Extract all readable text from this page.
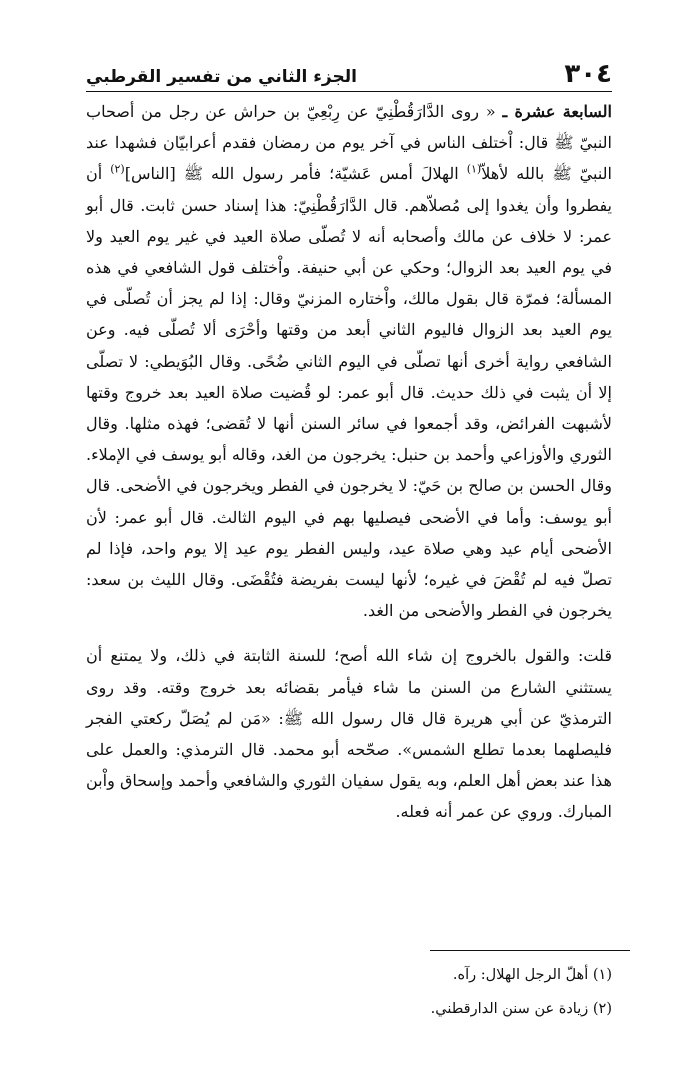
٣٠٤
الجزء الثاني من تفسير القرطبي

السابعة عشرة ـ « روى الدَّارَقُطْنِيّ عن رِبْعِيّ بن حراش عن رجل من أصحاب النبيّ ﷺ قال: اْختلف الناس في آخر يوم من رمضان فقدم أعرابيّان فشهدا عند النبيّ ﷺ بالله لأهلاّ$^{(١)}$ الهلالَ أمس عَشيّة؛ فأمر رسول الله ﷺ [الناس]$^{(٢)}$ أن يفطروا وأن يغدوا إلى مُصلاّهم. قال الدَّارَقُطْنِيّ: هذا إسناد حسن ثابت. قال أبو عمر: لا خلاف عن مالك وأصحابه أنه لا تُصلّى صلاة العيد في غير يوم العيد ولا في يوم العيد بعد الزوال؛ وحكي عن أبي حنيفة. واْختلف قول الشافعي في هذه المسألة؛ فمرّة قال بقول مالك، واْختاره المزنيّ وقال: إذا لم يجز أن تُصلّى في يوم العيد بعد الزوال فاليوم الثاني أبعد من وقتها وأحْرَى ألا تُصلّى فيه. وعن الشافعي رواية أخرى أنها تصلّى في اليوم الثاني ضُحًى. وقال البُوَيطي: لا تصلّى إلا أن يثبت في ذلك حديث. قال أبو عمر: لو قُضيت صلاة العيد بعد خروج وقتها لأشبهت الفرائض، وقد أجمعوا في سائر السنن أنها لا تُقضى؛ فهذه مثلها. وقال الثوري والأوزاعي وأحمد بن حنبل: يخرجون من الغد، وقاله أبو يوسف في الإملاء. وقال الحسن بن صالح بن حَيّ: لا يخرجون في الفطر ويخرجون في الأضحى. قال أبو يوسف: وأما في الأضحى فيصليها بهم في اليوم الثالث. قال أبو عمر: لأن الأضحى أيام عيد وهي صلاة عيد، وليس الفطر يوم عيد إلا يوم واحد، فإذا لم تصلّ فيه لم تُقْضَ في غيره؛ لأنها ليست بفريضة فتُقْضَى. وقال الليث بن سعد: يخرجون في الفطر والأضحى من الغد.

قلت: والقول بالخروج إن شاء الله أصح؛ للسنة الثابتة في ذلك، ولا يمتنع أن يستثني الشارع من السنن ما شاء فيأمر بقضائه بعد خروج وقته. وقد روى الترمذيّ عن أبي هريرة قال قال رسول الله ﷺ: «مَن لم يُصَلّ ركعتي الفجر فليصلهما بعدما تطلع الشمس». صحّحه أبو محمد. قال الترمذي: والعمل على هذا عند بعض أهل العلم، وبه يقول سفيان الثوري والشافعي وأحمد وإسحاق واْبن المبارك. وروي عن عمر أنه فعله.

(١) أهلّ الرجل الهلال: رآه.

(٢) زيادة عن سنن الدارقطني.
